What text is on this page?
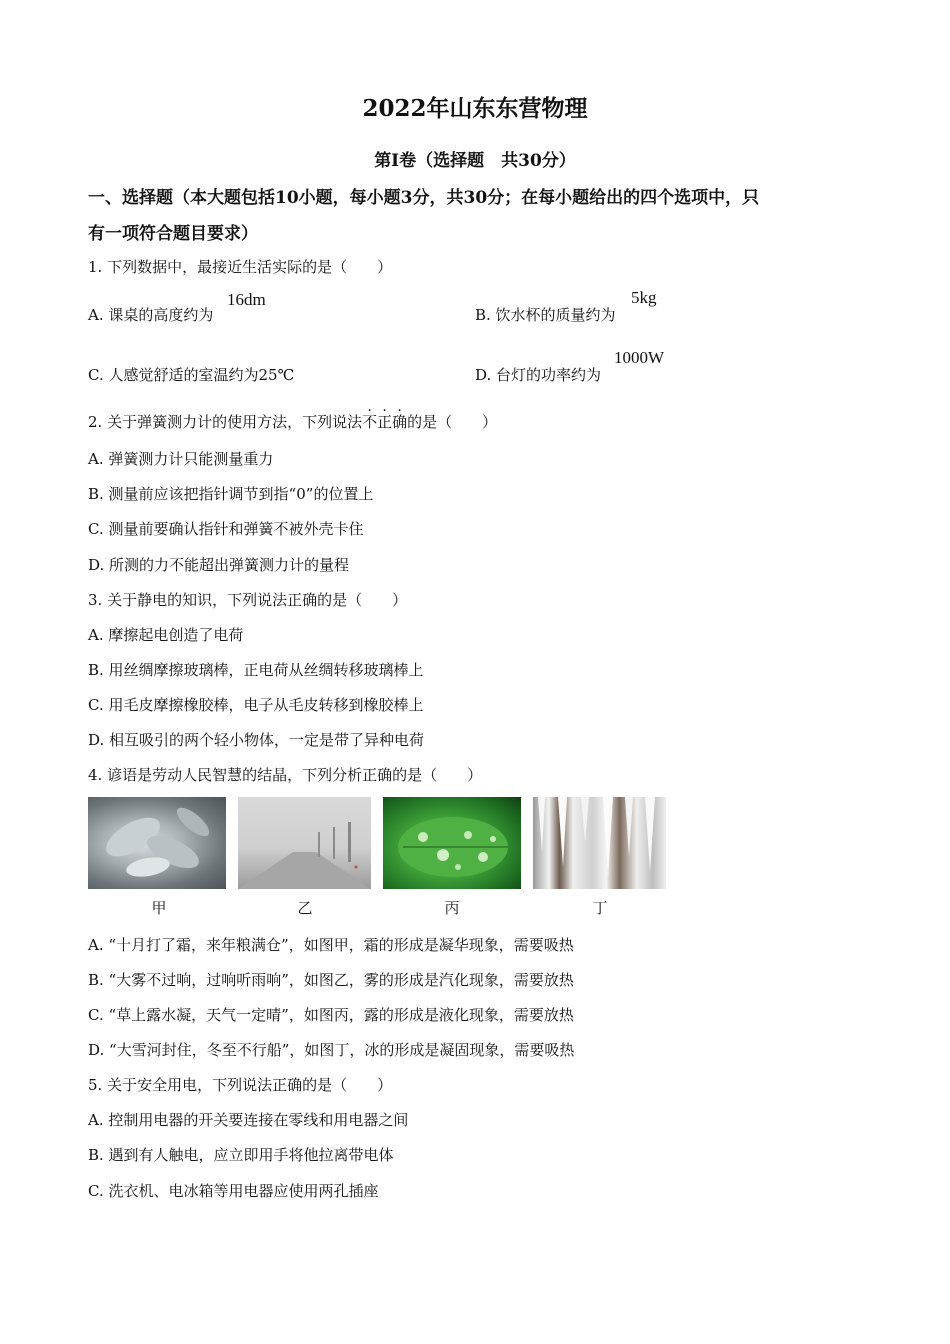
2022年山东东营物理
第Ⅰ卷（选择题　共30分）
一、选择题（本大题包括10小题，每小题3分，共30分；在每小题给出的四个选项中，只
有一项符合题目要求）
1. 下列数据中，最接近生活实际的是（　　）
A. 课桌的高度约为
16dm
B. 饮水杯的质量约为
5kg
C. 人感觉舒适的室温约为25℃	D. 台灯的功率约为
1000W
2. 关于弹簧测力计的使用方法，下列说法不正确的是（　　）
A. 弹簧测力计只能测量重力
B. 测量前应该把指针调节到指“0”的位置上
C. 测量前要确认指针和弹簧不被外壳卡住
D. 所测的力不能超出弹簧测力计的量程
3. 关于静电的知识，下列说法正确的是（　　）
A. 摩擦起电创造了电荷
B. 用丝绸摩擦玻璃棒，正电荷从丝绸转移玻璃棒上
C. 用毛皮摩擦橡胶棒，电子从毛皮转移到橡胶棒上
D. 相互吸引的两个轻小物体，一定是带了异种电荷
4. 谚语是劳动人民智慧的结晶，下列分析正确的是（　　）
甲	乙	丙	丁
A. “十月打了霜，来年粮满仓”，如图甲，霜的形成是凝华现象，需要吸热
B. “大雾不过响，过响听雨响”，如图乙，雾的形成是汽化现象，需要放热
C. “草上露水凝，天气一定晴”，如图丙，露的形成是液化现象，需要放热
D. “大雪河封住，冬至不行船”，如图丁，冰的形成是凝固现象，需要吸热
5. 关于安全用电，下列说法正确的是（　　）
A. 控制用电器的开关要连接在零线和用电器之间
B. 遇到有人触电，应立即用手将他拉离带电体
C. 洗衣机、电冰箱等用电器应使用两孔插座
